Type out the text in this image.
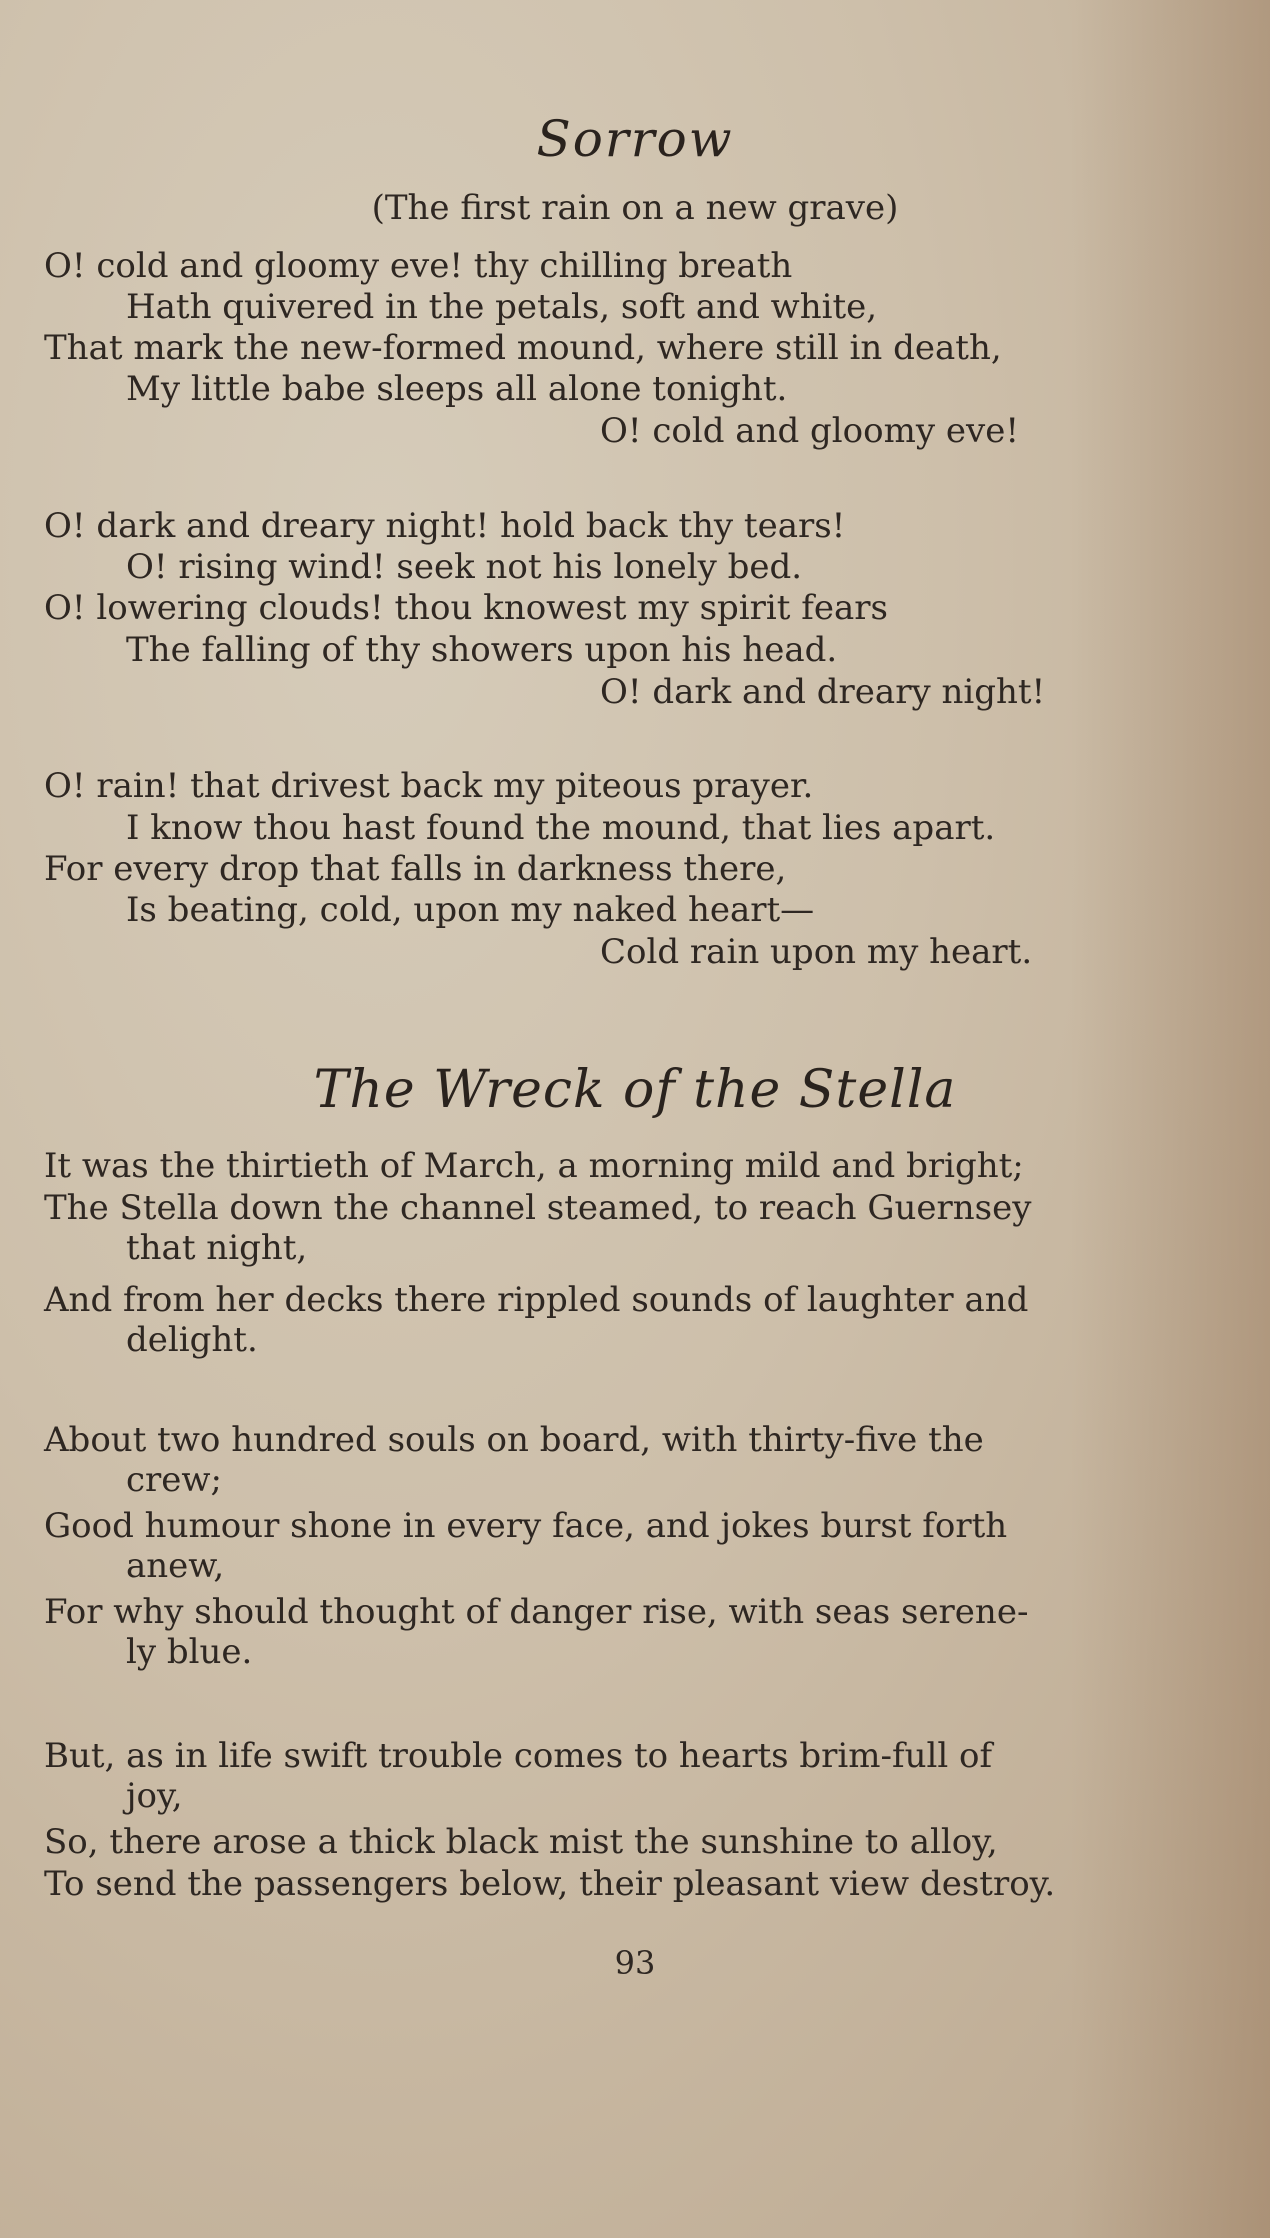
Sorrow
(The first rain on a new grave)
O! cold and gloomy eve! thy chilling breath
Hath quivered in the petals, soft and white,
That mark the new-formed mound, where still in death,
My little babe sleeps all alone tonight.
O! cold and gloomy eve!
O! dark and dreary night! hold back thy tears!
O! rising wind! seek not his lonely bed.
O! lowering clouds! thou knowest my spirit fears
The falling of thy showers upon his head.
O! dark and dreary night!
O! rain! that drivest back my piteous prayer.
I know thou hast found the mound, that lies apart.
For every drop that falls in darkness there,
Is beating, cold, upon my naked heart—
Cold rain upon my heart.
The Wreck of the Stella
It was the thirtieth of March, a morning mild and bright;
The Stella down the channel steamed, to reach Guernsey
that night,
And from her decks there rippled sounds of laughter and
delight.
About two hundred souls on board, with thirty-five the
crew;
Good humour shone in every face, and jokes burst forth
anew,
For why should thought of danger rise, with seas serene-
ly blue.
But, as in life swift trouble comes to hearts brim-full of
joy,
So, there arose a thick black mist the sunshine to alloy,
To send the passengers below, their pleasant view destroy.
93
